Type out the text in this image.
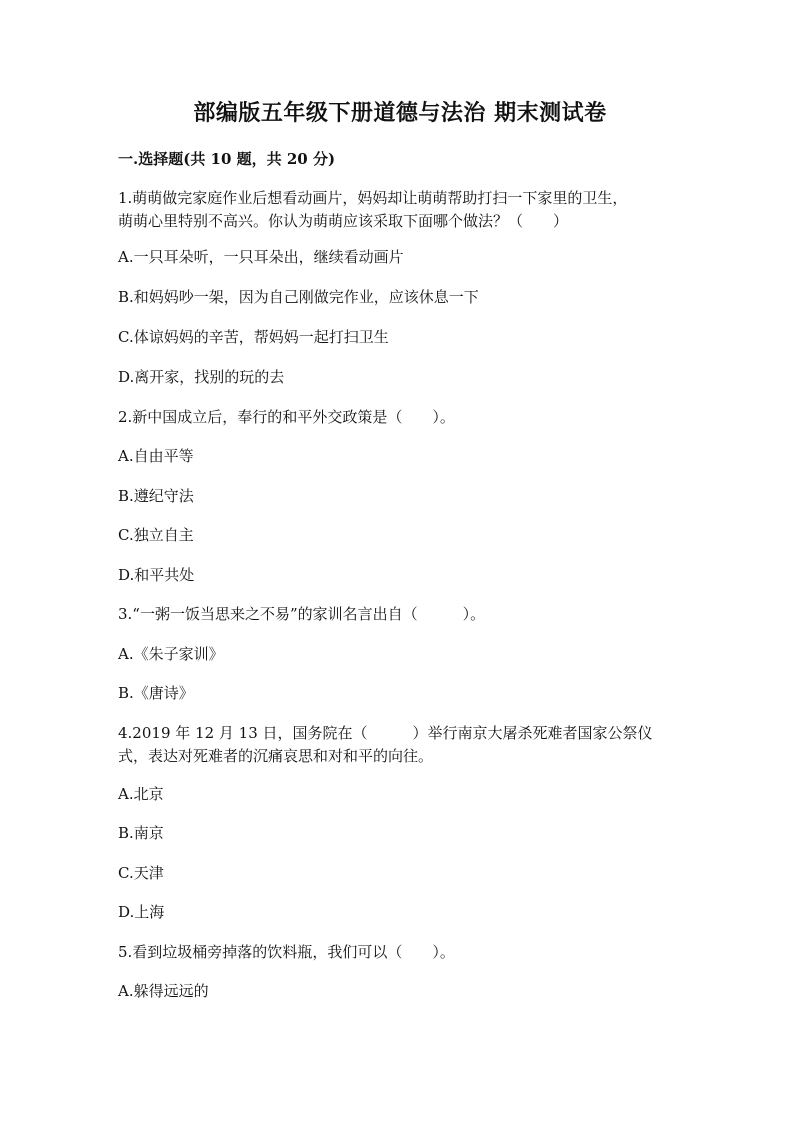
部编版五年级下册道德与法治 期末测试卷
一.选择题(共 10 题，共 20 分)
1.萌萌做完家庭作业后想看动画片，妈妈却让萌萌帮助打扫一下家里的卫生，
萌萌心里特别不高兴。你认为萌萌应该采取下面哪个做法？（　　）
A.一只耳朵听，一只耳朵出，继续看动画片
B.和妈妈吵一架，因为自己刚做完作业，应该休息一下
C.体谅妈妈的辛苦，帮妈妈一起打扫卫生
D.离开家，找别的玩的去
2.新中国成立后，奉行的和平外交政策是（　　）。
A.自由平等
B.遵纪守法
C.独立自主
D.和平共处
3.“一粥一饭当思来之不易”的家训名言出自（　　　）。
A.《朱子家训》
B.《唐诗》
4.2019 年 12 月 13 日，国务院在（　　　）举行南京大屠杀死难者国家公祭仪
式，表达对死难者的沉痛哀思和对和平的向往。
A.北京
B.南京
C.天津
D.上海
5.看到垃圾桶旁掉落的饮料瓶，我们可以（　　）。
A.躲得远远的
